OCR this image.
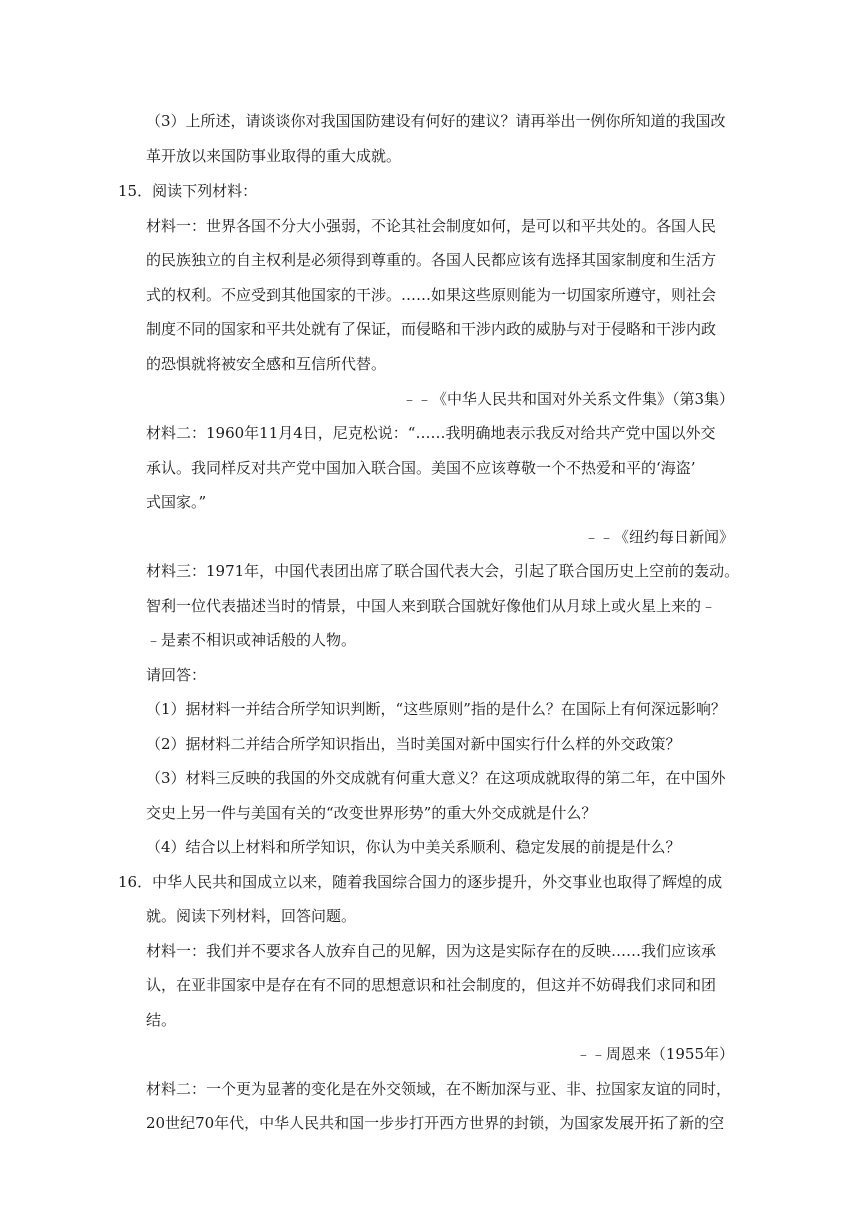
（3）上所述，请谈谈你对我国国防建设有何好的建议？请再举出一例你所知道的我国改
革开放以来国防事业取得的重大成就。
15．阅读下列材料：
材料一：世界各国不分大小强弱，不论其社会制度如何，是可以和平共处的。各国人民
的民族独立的自主权利是必须得到尊重的。各国人民都应该有选择其国家制度和生活方
式的权利。不应受到其他国家的干涉。……如果这些原则能为一切国家所遵守，则社会
制度不同的国家和平共处就有了保证，而侵略和干涉内政的威胁与对于侵略和干涉内政
的恐惧就将被安全感和互信所代替。
﹣﹣《中华人民共和国对外关系文件集》（第3集）
材料二：1960年11月4日，尼克松说：“……我明确地表示我反对给共产党中国以外交
承认。我同样反对共产党中国加入联合国。美国不应该尊敬一个不热爱和平的‘海盗’
式国家。”
﹣﹣《纽约每日新闻》
材料三：1971年，中国代表团出席了联合国代表大会，引起了联合国历史上空前的轰动。
智利一位代表描述当时的情景，中国人来到联合国就好像他们从月球上或火星上来的﹣
﹣是素不相识或神话般的人物。
请回答：
（1）据材料一并结合所学知识判断，“这些原则”指的是什么？在国际上有何深远影响？
（2）据材料二并结合所学知识指出，当时美国对新中国实行什么样的外交政策？
（3）材料三反映的我国的外交成就有何重大意义？在这项成就取得的第二年，在中国外
交史上另一件与美国有关的“改变世界形势”的重大外交成就是什么？
（4）结合以上材料和所学知识，你认为中美关系顺利、稳定发展的前提是什么？
16．中华人民共和国成立以来，随着我国综合国力的逐步提升，外交事业也取得了辉煌的成
就。阅读下列材料，回答问题。
材料一：我们并不要求各人放弃自己的见解，因为这是实际存在的反映……我们应该承
认，在亚非国家中是存在有不同的思想意识和社会制度的，但这并不妨碍我们求同和团
结。
﹣﹣周恩来（1955年）
材料二：一个更为显著的变化是在外交领域，在不断加深与亚、非、拉国家友谊的同时，
20世纪70年代，中华人民共和国一步步打开西方世界的封锁，为国家发展开拓了新的空
